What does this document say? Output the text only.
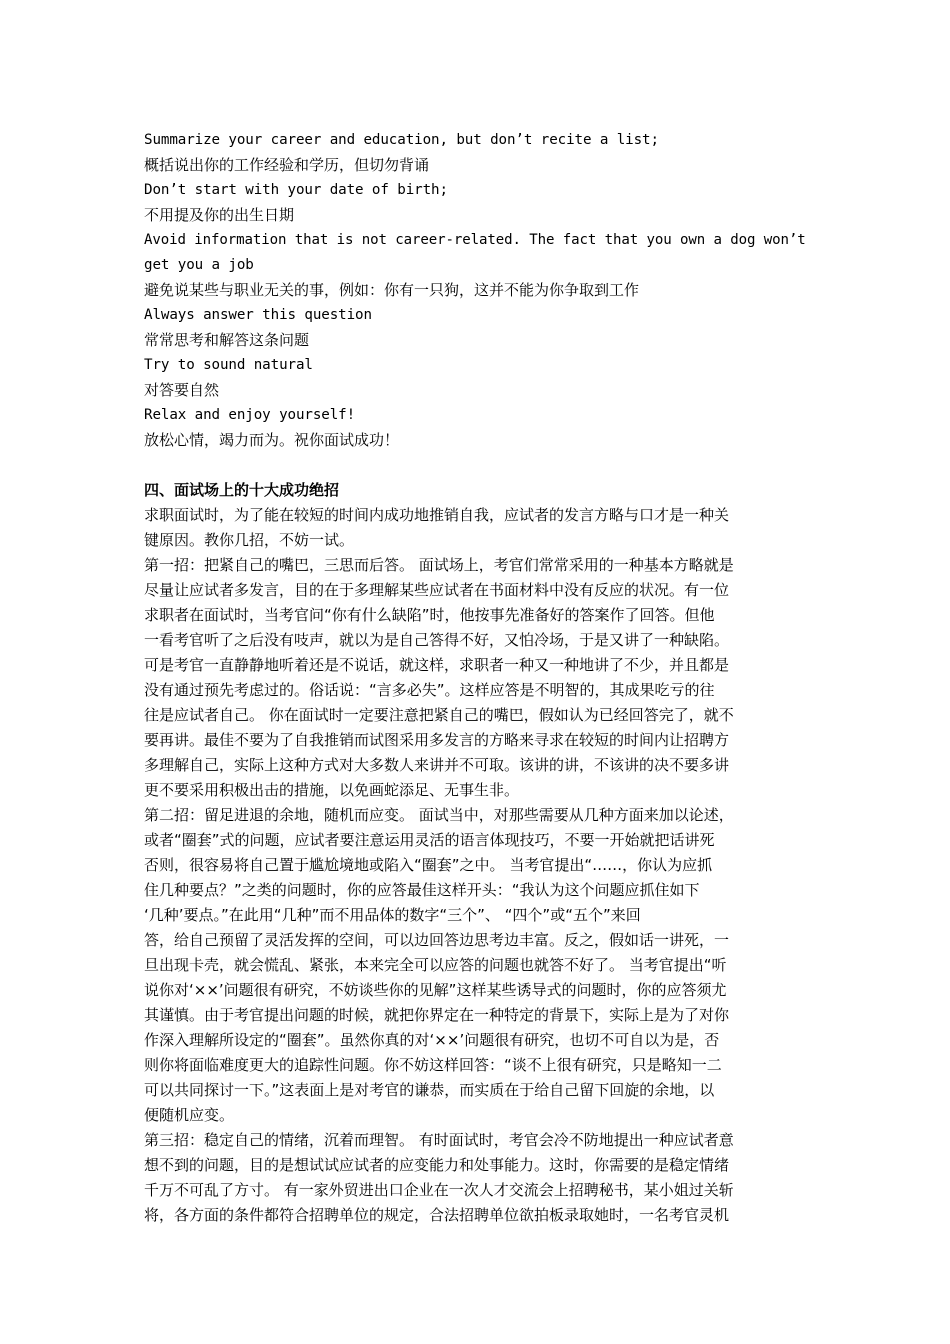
Summarize your career and education, but don’t recite a list;
概括说出你的工作经验和学历，但切勿背诵
Don’t start with your date of birth;
不用提及你的出生日期
Avoid information that is not career-related. The fact that you own a dog won’t
get you a job
避免说某些与职业无关的事，例如：你有一只狗，这并不能为你争取到工作
Always answer this question
常常思考和解答这条问题
Try to sound natural
对答要自然
Relax and enjoy yourself!
放松心情，竭力而为。祝你面试成功！
四、面试场上的十大成功绝招
求职面试时，为了能在较短的时间内成功地推销自我，应试者的发言方略与口才是一种关
键原因。教你几招，不妨一试。
第一招：把紧自己的嘴巴，三思而后答。 面试场上，考官们常常采用的一种基本方略就是
尽量让应试者多发言，目的在于多理解某些应试者在书面材料中没有反应的状况。有一位
求职者在面试时，当考官问“你有什么缺陷”时，他按事先准备好的答案作了回答。但他
一看考官听了之后没有吱声，就以为是自己答得不好，又怕冷场，于是又讲了一种缺陷。
可是考官一直静静地听着还是不说话，就这样，求职者一种又一种地讲了不少，并且都是
没有通过预先考虑过的。俗话说：“言多必失”。这样应答是不明智的，其成果吃亏的往
往是应试者自己。 你在面试时一定要注意把紧自己的嘴巴，假如认为已经回答完了，就不
要再讲。最佳不要为了自我推销而试图采用多发言的方略来寻求在较短的时间内让招聘方
多理解自己，实际上这种方式对大多数人来讲并不可取。该讲的讲，不该讲的决不要多讲
更不要采用积极出击的措施，以免画蛇添足、无事生非。
第二招：留足进退的余地，随机而应变。 面试当中，对那些需要从几种方面来加以论述，
或者“圈套”式的问题，应试者要注意运用灵活的语言体现技巧，不要一开始就把话讲死
否则，很容易将自己置于尴尬境地或陷入“圈套”之中。 当考官提出“……，你认为应抓
住几种要点？”之类的问题时，你的应答最佳这样开头：“我认为这个问题应抓住如下
‘几种’要点。”在此用“几种”而不用品体的数字“三个”、 “四个”或“五个”来回
答，给自己预留了灵活发挥的空间，可以边回答边思考边丰富。反之，假如话一讲死，一
旦出现卡壳，就会慌乱、紧张，本来完全可以应答的问题也就答不好了。 当考官提出“听
说你对‘××’问题很有研究，不妨谈些你的见解”这样某些诱导式的问题时，你的应答须尤
其谨慎。由于考官提出问题的时候，就把你界定在一种特定的背景下，实际上是为了对你
作深入理解所设定的“圈套”。虽然你真的对‘××’问题很有研究，也切不可自以为是，否
则你将面临难度更大的追踪性问题。你不妨这样回答：“谈不上很有研究，只是略知一二
可以共同探讨一下。”这表面上是对考官的谦恭，而实质在于给自己留下回旋的余地，以
便随机应变。
第三招：稳定自己的情绪，沉着而理智。 有时面试时，考官会冷不防地提出一种应试者意
想不到的问题，目的是想试试应试者的应变能力和处事能力。这时，你需要的是稳定情绪
千万不可乱了方寸。 有一家外贸进出口企业在一次人才交流会上招聘秘书，某小姐过关斩
将，各方面的条件都符合招聘单位的规定，合法招聘单位欲拍板录取她时，一名考官灵机
